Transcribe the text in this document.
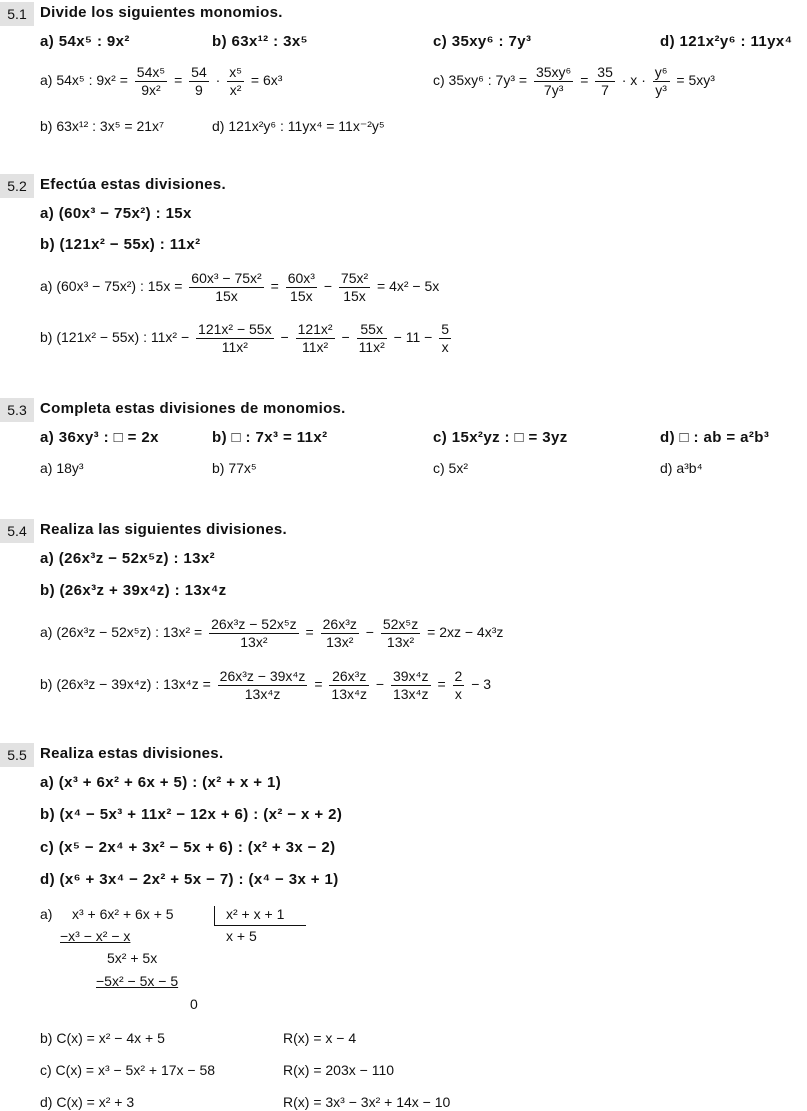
5.1 Divide los siguientes monomios.
a) 54x⁵ : 9x²	b) 63x¹² : 3x⁵	c) 35xy⁶ : 7y³	d) 121x²y⁶ : 11yx⁴
a) 54x⁵ : $9x^2 = \frac{\text{54x⁵}}{\text{9x²}} = \frac{54}{9} \cdot \frac{\text{x⁵}}{\text{x²}} = 6x^3$	c) 35xy⁶ : $7y^3 = \frac{\text{35xy⁶}}{\text{7y³}} = \frac{35}{7} \cdot x \cdot \frac{\text{y⁶}}{\text{y³}} = 5xy^3$
b) 63x¹² : 3x⁵ = 21x⁷	d) 121x²y⁶ : 11yx⁴ = 11x⁻²y⁵
5.2 Efectúa estas divisiones.
a) (60x³ − 75x²) : 15x
b) (121x² − 55x) : 11x²
a) (60x³ − 75x²) : $15x = \frac{\text{60x³ − 75x²}}{15x} = \frac{\text{60x³}}{15x} - \frac{\text{75x²}}{15x} = 4x^2 - 5x$
b) (121x² − 55x) : $11x^2 - \frac{\text{121x² − 55x}}{\text{11x²}} - \frac{\text{121x²}}{\text{11x²}} - \frac{55x}{\text{11x²}} - 11 - \frac{5}{x}$
5.3 Completa estas divisiones de monomios.
a) 36xy³ : □ = 2x	b) □ : 7x³ = 11x²	c) 15x²yz : □ = 3yz	d) □ : ab = a²b³
a) 18y³	b) 77x⁵	c) 5x²	d) a³b⁴
5.4 Realiza las siguientes divisiones.
a) (26x³z − 52x⁵z) : 13x²
b) (26x³z + 39x⁴z) : 13x⁴z
a) (26x³z − 52x⁵z) : $13x^2 = \frac{\text{26x³z − 52x⁵z}}{\text{13x²}} = \frac{\text{26x³z}}{\text{13x²}} - \frac{\text{52x⁵z}}{\text{13x²}} = 2xz - 4x^3z$
b) (26x³z − 39x⁴z) : $13x^4z = \frac{\text{26x³z − 39x⁴z}}{\text{13x⁴z}} = \frac{\text{26x³z}}{\text{13x⁴z}} - \frac{\text{39x⁴z}}{\text{13x⁴z}} = \frac{2}{x} - 3$
5.5 Realiza estas divisiones.
a) (x³ + 6x² + 6x + 5) : (x² + x + 1)
b) (x⁴ − 5x³ + 11x² − 12x + 6) : (x² − x + 2)
c) (x⁵ − 2x⁴ + 3x² − 5x + 6) : (x² + 3x − 2)
d) (x⁶ + 3x⁴ − 2x² + 5x − 7) : (x⁴ − 3x + 1)
a) x³ + 6x² + 6x + 5	x² + x + 1
x + 5
−x³ − x² − x
5x² + 5x
−5x² − 5x − 5
0
b) C(x) = x² − 4x + 5	R(x) = x − 4
c) C(x) = x³ − 5x² + 17x − 58	R(x) = 203x − 110
d) C(x) = x² + 3	R(x) = 3x³ − 3x² + 14x − 10
